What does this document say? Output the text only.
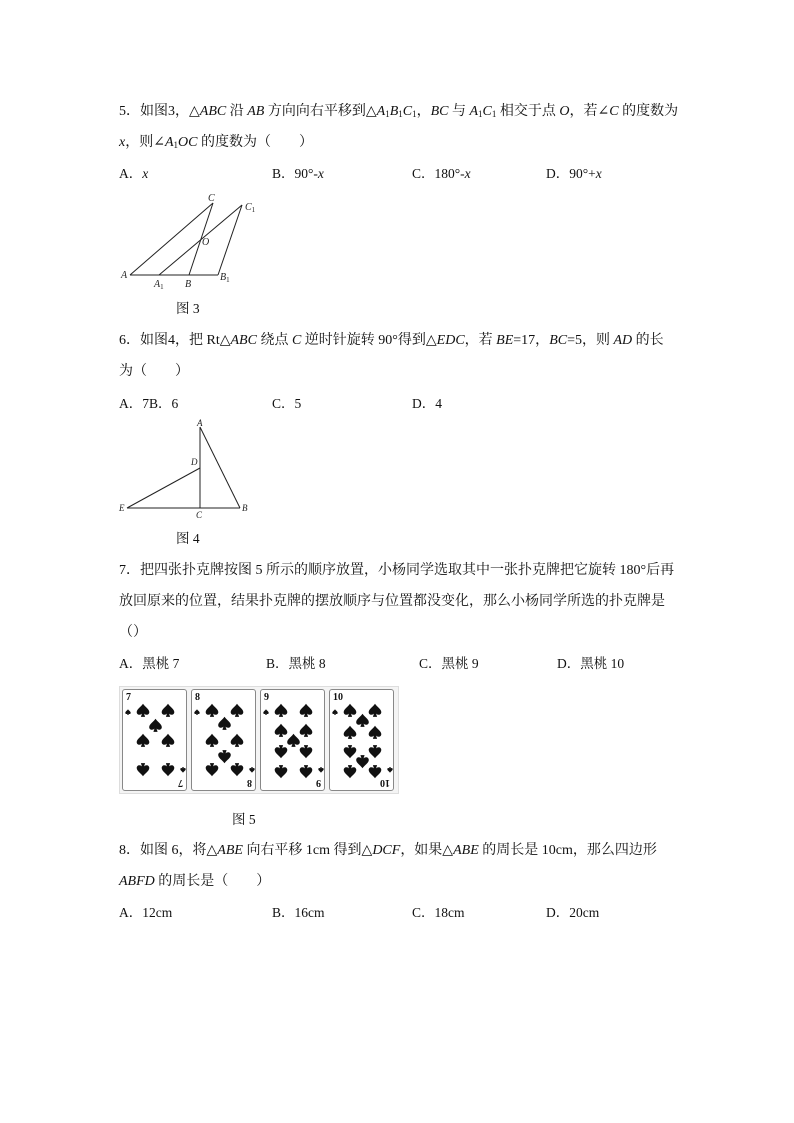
5．如图3，△ABC 沿 AB 方向向右平移到$\triangle A_1B_1C_1$，BC 与 $A_1C_1$ 相交于点 O，若∠C 的度数为
x，则$\angle A_1OC$ 的度数为（　　）
A．x	B．90°-x	C．180°-x	D．90°+x
A
$A_1$ B
$B_1$
C
$C_1$
O
图 3
6．如图4，把 Rt△ABC 绕点 C 逆时针旋转 90°得到△EDC，若 BE=17，BC=5，则 AD 的长
为（　　）
A．7B．6	C．5	D．4
A
D
E
C
B
图 4
7．把四张扑克牌按图 5 所示的顺序放置，小杨同学选取其中一张扑克牌把它旋转 180°后再
放回原来的位置，结果扑克牌的摆放顺序与位置都没变化，那么小杨同学所选的扑克牌是
（）
A．黑桃 7	B．黑桃 8	C．黑桃 9	D．黑桃 10
7
7
8
8
9
9
10
10
图 5
8．如图 6，将△ABE 向右平移 1cm 得到△DCF，如果△ABE 的周长是 10cm，那么四边形
ABFD 的周长是（　　）
A．12cm	B．16cm	C．18cm	D．20cm
